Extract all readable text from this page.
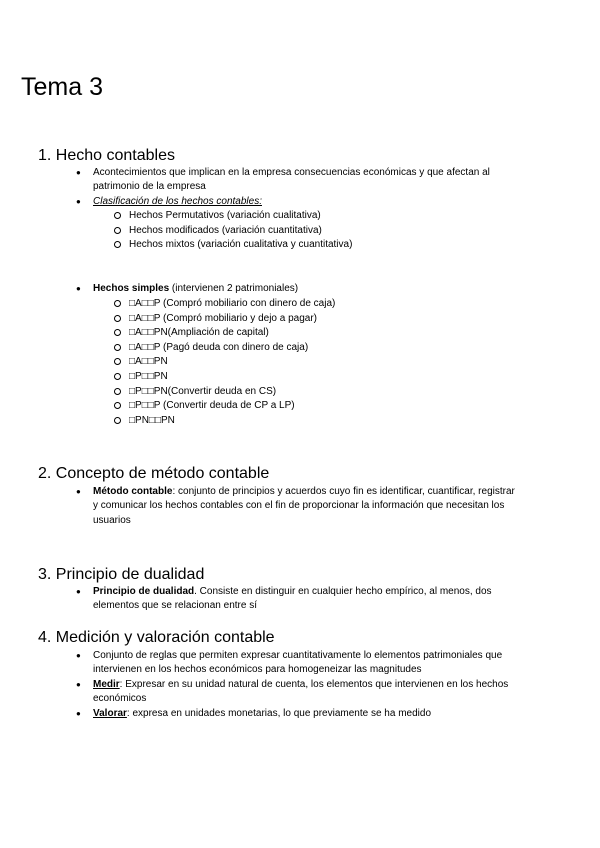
Tema 3
1. Hecho contables
● Acontecimientos que implican en la empresa consecuencias económicas y que afectan al
patrimonio de la empresa
● Clasificación de los hechos contables:
Hechos Permutativos (variación cualitativa)
Hechos modificados (variación cuantitativa)
Hechos mixtos (variación cualitativa y cuantitativa)
● Hechos simples (intervienen 2 patrimoniales)
□A□□P (Compró mobiliario con dinero de caja)
□A□□P (Compró mobiliario y dejo a pagar)
□A□□PN(Ampliación de capital)
□A□□P (Pagó deuda con dinero de caja)
□A□□PN
□P□□PN
□P□□PN(Convertir deuda en CS)
□P□□P (Convertir deuda de CP a LP)
□PN□□PN
2. Concepto de método contable
● Método contable: conjunto de principios y acuerdos cuyo fin es identificar, cuantificar, registrar
y comunicar los hechos contables con el fin de proporcionar la información que necesitan los
usuarios
3. Principio de dualidad
● Principio de dualidad. Consiste en distinguir en cualquier hecho empírico, al menos, dos
elementos que se relacionan entre sí
4. Medición y valoración contable
● Conjunto de reglas que permiten expresar cuantitativamente lo elementos patrimoniales que
intervienen en los hechos económicos para homogeneizar las magnitudes
● Medir: Expresar en su unidad natural de cuenta, los elementos que intervienen en los hechos
económicos
● Valorar: expresa en unidades monetarias, lo que previamente se ha medido
